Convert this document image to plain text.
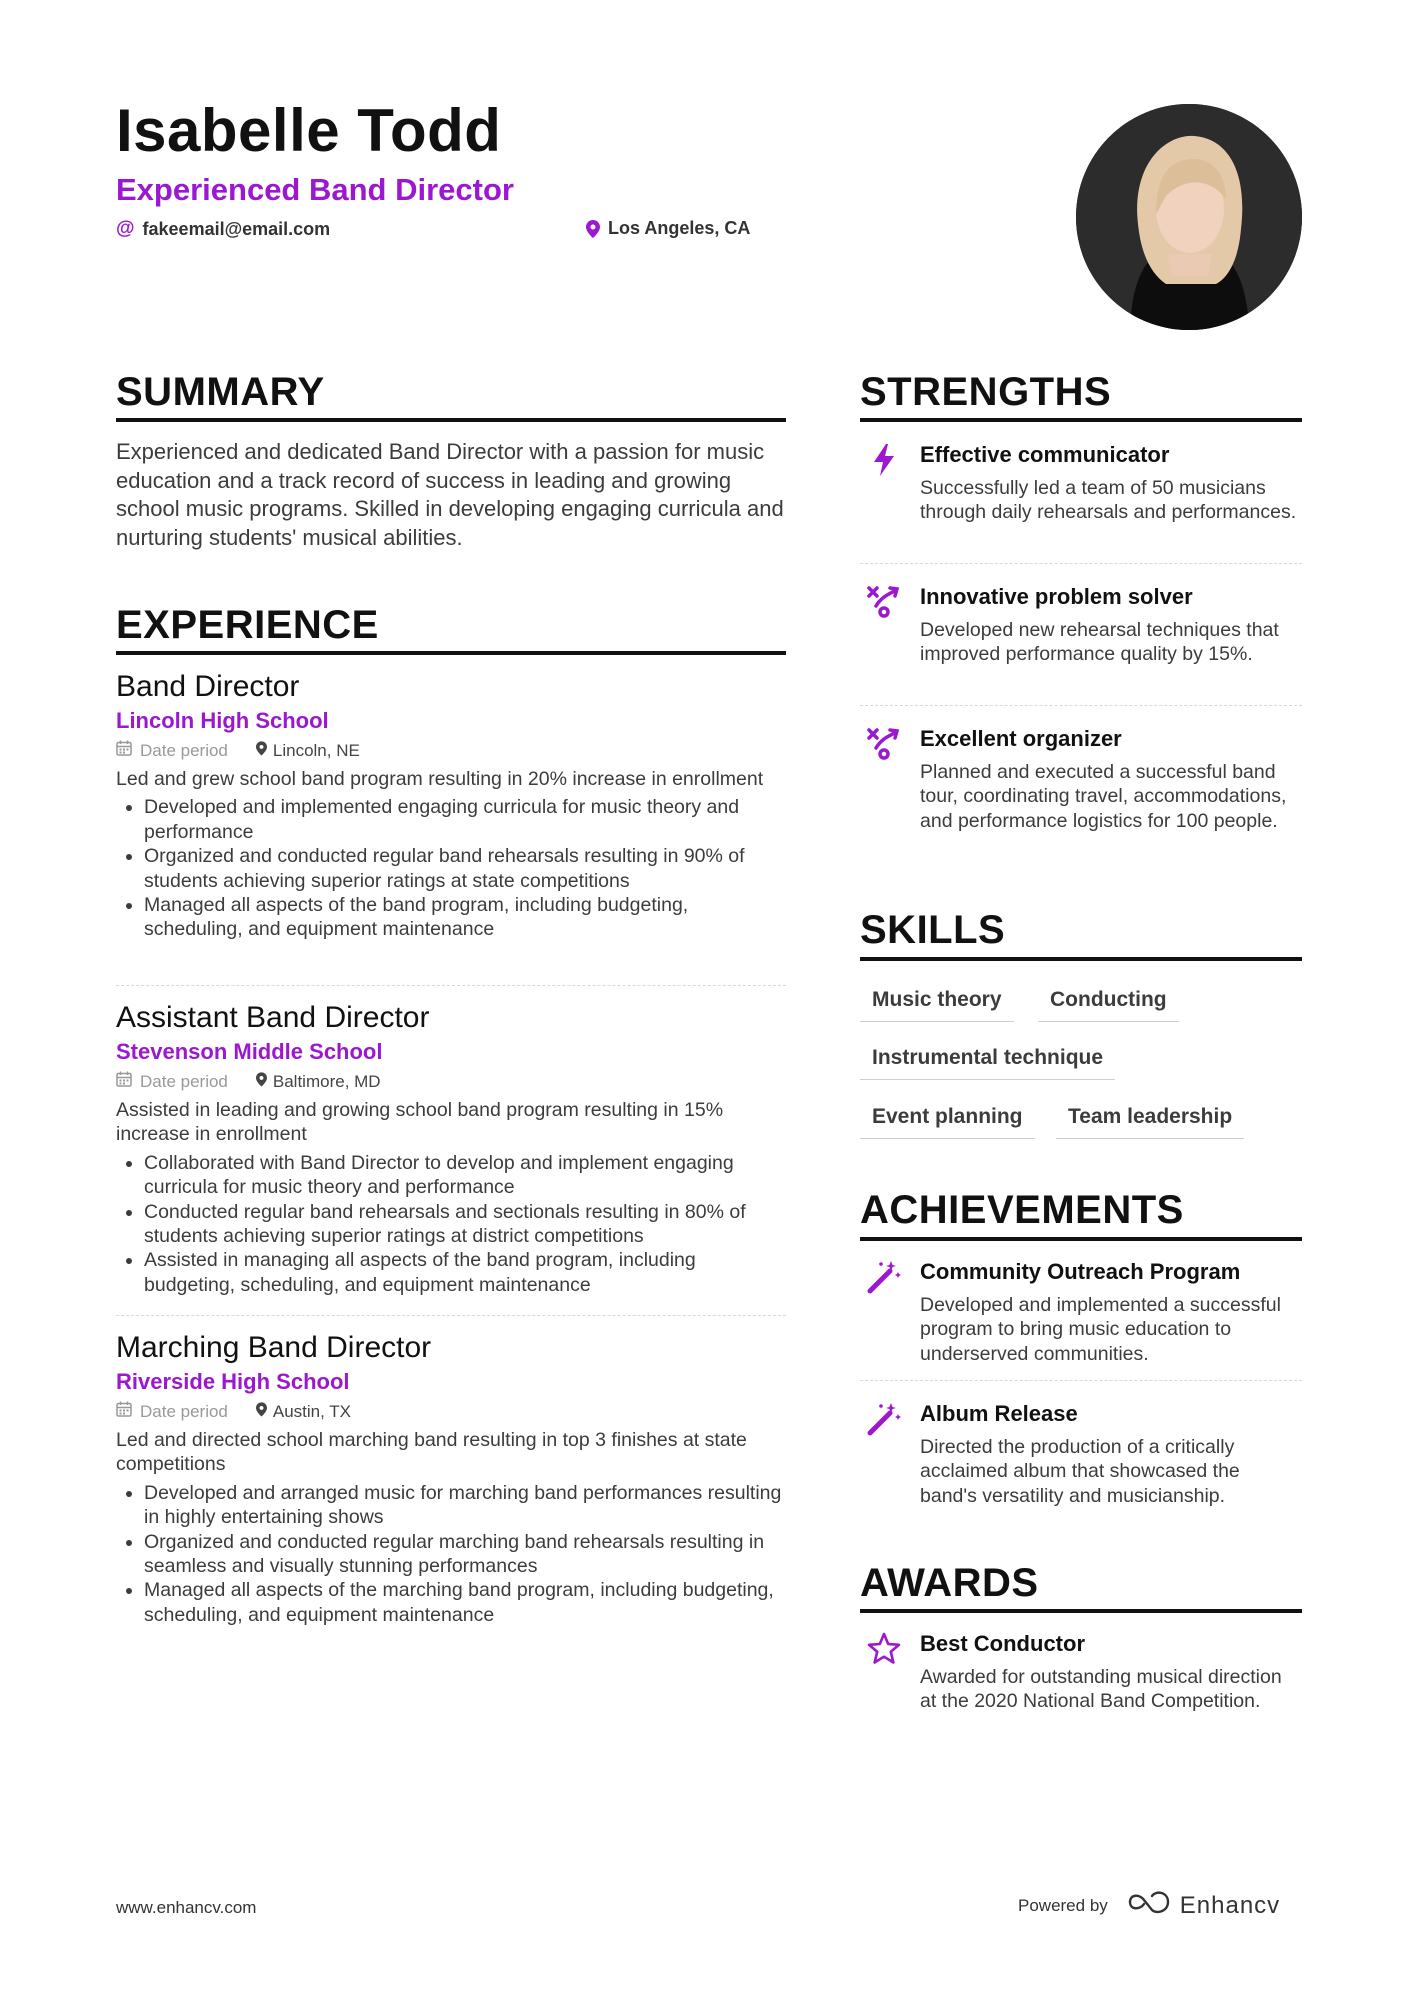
Isabelle Todd
Experienced Band Director
@ fakeemail@email.com	Los Angeles, CA
SUMMARY
Experienced and dedicated Band Director with a passion for music education and a track record of success in leading and growing school music programs. Skilled in developing engaging curricula and nurturing students' musical abilities.
EXPERIENCE
Band Director
Lincoln High School
Date period	Lincoln, NE
Led and grew school band program resulting in 20% increase in enrollment
• Developed and implemented engaging curricula for music theory and performance
• Organized and conducted regular band rehearsals resulting in 90% of students achieving superior ratings at state competitions
• Managed all aspects of the band program, including budgeting, scheduling, and equipment maintenance
Assistant Band Director
Stevenson Middle School
Date period	Baltimore, MD
Assisted in leading and growing school band program resulting in 15% increase in enrollment
• Collaborated with Band Director to develop and implement engaging curricula for music theory and performance
• Conducted regular band rehearsals and sectionals resulting in 80% of students achieving superior ratings at district competitions
• Assisted in managing all aspects of the band program, including budgeting, scheduling, and equipment maintenance
Marching Band Director
Riverside High School
Date period	Austin, TX
Led and directed school marching band resulting in top 3 finishes at state competitions
• Developed and arranged music for marching band performances resulting in highly entertaining shows
• Organized and conducted regular marching band rehearsals resulting in seamless and visually stunning performances
• Managed all aspects of the marching band program, including budgeting, scheduling, and equipment maintenance
STRENGTHS
Effective communicator
Successfully led a team of 50 musicians through daily rehearsals and performances.
Innovative problem solver
Developed new rehearsal techniques that improved performance quality by 15%.
Excellent organizer
Planned and executed a successful band tour, coordinating travel, accommodations, and performance logistics for 100 people.
SKILLS
Music theory	Conducting
Instrumental technique
Event planning	Team leadership
ACHIEVEMENTS
Community Outreach Program
Developed and implemented a successful program to bring music education to underserved communities.
Album Release
Directed the production of a critically acclaimed album that showcased the band's versatility and musicianship.
AWARDS
Best Conductor
Awarded for outstanding musical direction at the 2020 National Band Competition.
www.enhancv.com	Powered by	Enhancv
